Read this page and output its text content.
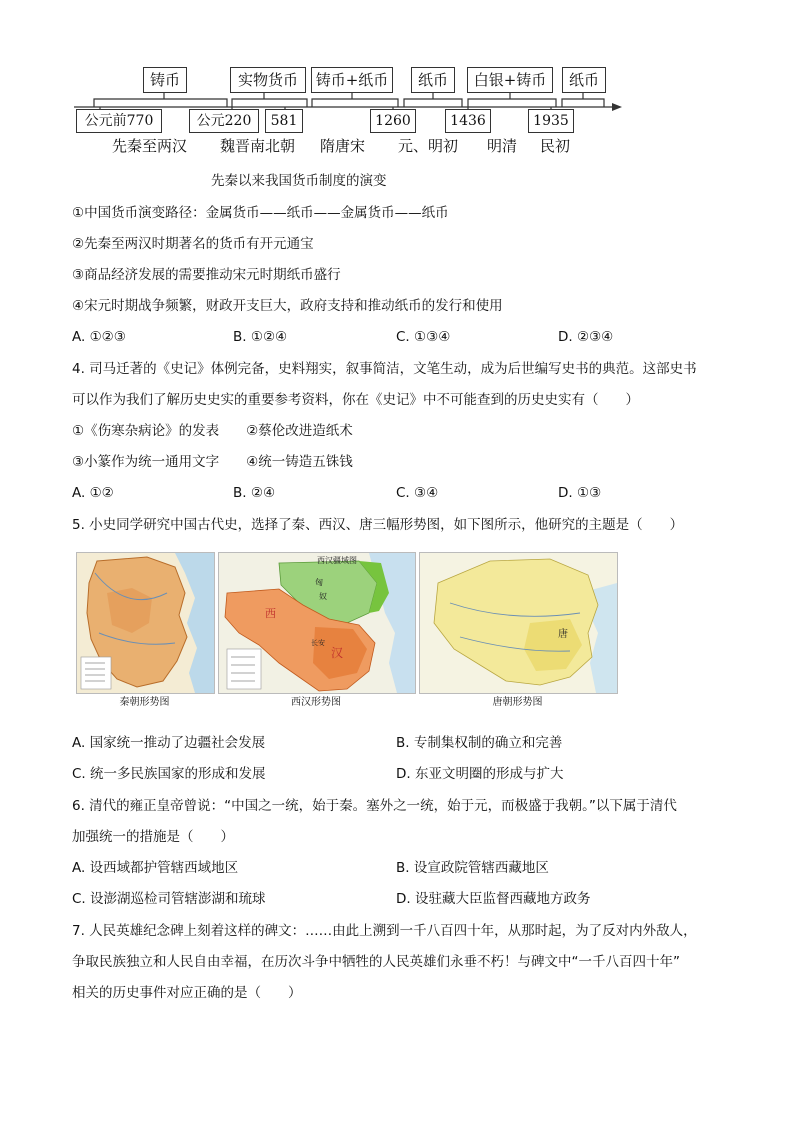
铸币	实物货币	铸币+纸币	纸币	白银+铸币	纸币
公元前770	公元220	581	1260	1436	1935
先秦至两汉 魏晋南北朝 隋唐宋 元、明初 明清 民初
先秦以来我国货币制度的演变
①中国货币演变路径：金属货币——纸币——金属货币——纸币
②先秦至两汉时期著名的货币有开元通宝
③商品经济发展的需要推动宋元时期纸币盛行
④宋元时期战争频繁，财政开支巨大，政府支持和推动纸币的发行和使用
A. ①②③	B. ①②④	C. ①③④	D. ②③④
4. 司马迁著的《史记》体例完备，史料翔实，叙事简洁，文笔生动，成为后世编写史书的典范。这部史书
可以作为我们了解历史史实的重要参考资料，你在《史记》中不可能查到的历史史实有（　　）
①《伤寒杂病论》的发表　　②蔡伦改进造纸术
③小篆作为统一通用文字　　④统一铸造五铢钱
A. ①②	B. ②④	C. ③④	D. ①③
5. 小史同学研究中国古代史，选择了秦、西汉、唐三幅形势图，如下图所示，他研究的主题是（　　）
西汉疆域图
匈
奴
西
汉
长安
唐
秦朝形势图	西汉形势图	唐朝形势图
A. 国家统一推动了边疆社会发展	B. 专制集权制的确立和完善
C. 统一多民族国家的形成和发展	D. 东亚文明圈的形成与扩大
6. 清代的雍正皇帝曾说：“中国之一统，始于秦。塞外之一统，始于元，而极盛于我朝。”以下属于清代
加强统一的措施是（　　）
A. 设西域都护管辖西域地区	B. 设宣政院管辖西藏地区
C. 设澎湖巡检司管辖澎湖和琉球	D. 设驻藏大臣监督西藏地方政务
7. 人民英雄纪念碑上刻着这样的碑文：……由此上溯到一千八百四十年，从那时起，为了反对内外敌人，
争取民族独立和人民自由幸福，在历次斗争中牺牲的人民英雄们永垂不朽！与碑文中“一千八百四十年”
相关的历史事件对应正确的是（　　）
